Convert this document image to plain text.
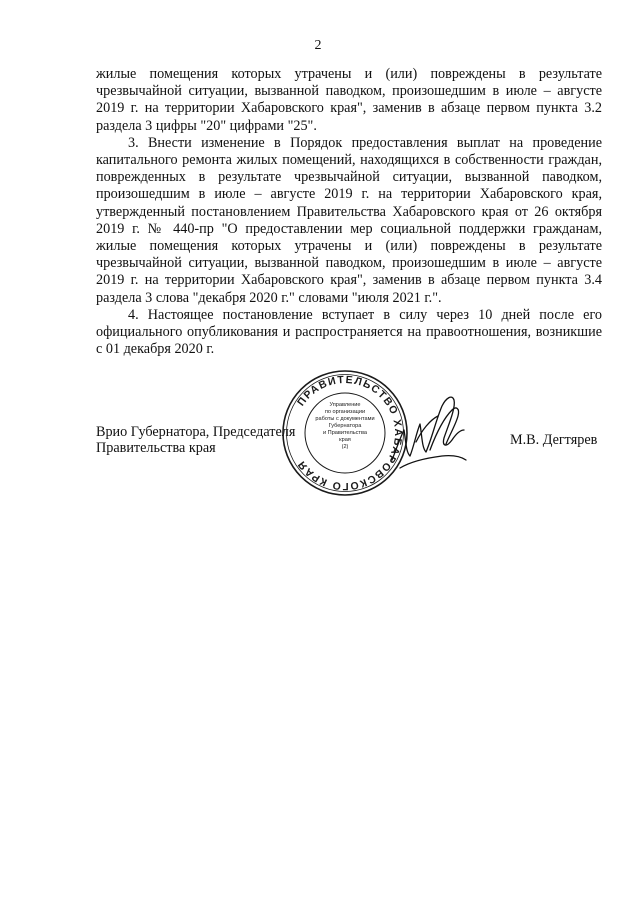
2

жилые помещения которых утрачены и (или) повреждены в результате чрезвычайной ситуации, вызванной паводком, произошедшим в июле – августе 2019 г. на территории Хабаровского края", заменив в абзаце первом пункта 3.2 раздела 3 цифры "20" цифрами "25".

3. Внести изменение в Порядок предоставления выплат на проведение капитального ремонта жилых помещений, находящихся в собственности граждан, поврежденных в результате чрезвычайной ситуации, вызванной паводком, произошедшим в июле – августе 2019 г. на территории Хабаровского края, утвержденный постановлением Правительства Хабаровского края от 26 октября 2019 г. № 440-пр "О предоставлении мер социальной поддержки гражданам, жилые помещения которых утрачены и (или) повреждены в результате чрезвычайной ситуации, вызванной паводком, произошедшим в июле – августе 2019 г. на территории Хабаровского края", заменив в абзаце первом пункта 3.4 раздела 3 слова "декабря 2020 г." словами "июля 2021 г.".

4. Настоящее постановление вступает в силу через 10 дней после его официального опубликования и распространяется на правоотношения, возникшие с 01 декабря 2020 г.

Врио Губернатора, Председателя
Правительства края	М.В. Дегтярев
ПРАВИТЕЛЬСТВО ХАБАРОВСКОГО КРАЯ
Управление
по организации
работы с документами
Губернатора
и Правительства
края
(2)
